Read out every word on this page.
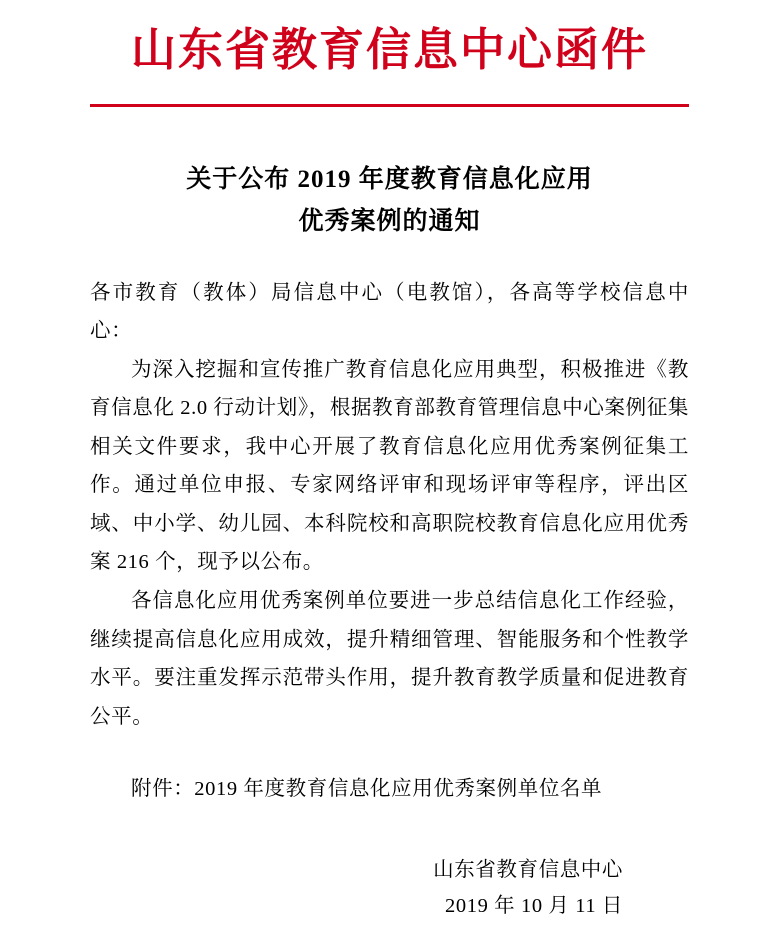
山东省教育信息中心函件
关于公布 2019 年度教育信息化应用
优秀案例的通知

各市教育（教体）局信息中心（电教馆），各高等学校信息中心：

为深入挖掘和宣传推广教育信息化应用典型，积极推进《教育信息化 2.0 行动计划》，根据教育部教育管理信息中心案例征集相关文件要求，我中心开展了教育信息化应用优秀案例征集工作。通过单位申报、专家网络评审和现场评审等程序，评出区域、中小学、幼儿园、本科院校和高职院校教育信息化应用优秀案 216 个，现予以公布。

各信息化应用优秀案例单位要进一步总结信息化工作经验，继续提高信息化应用成效，提升精细管理、智能服务和个性教学水平。要注重发挥示范带头作用，提升教育教学质量和促进教育公平。

附件：2019 年度教育信息化应用优秀案例单位名单
山东省教育信息中心
2019 年 10 月 11 日
